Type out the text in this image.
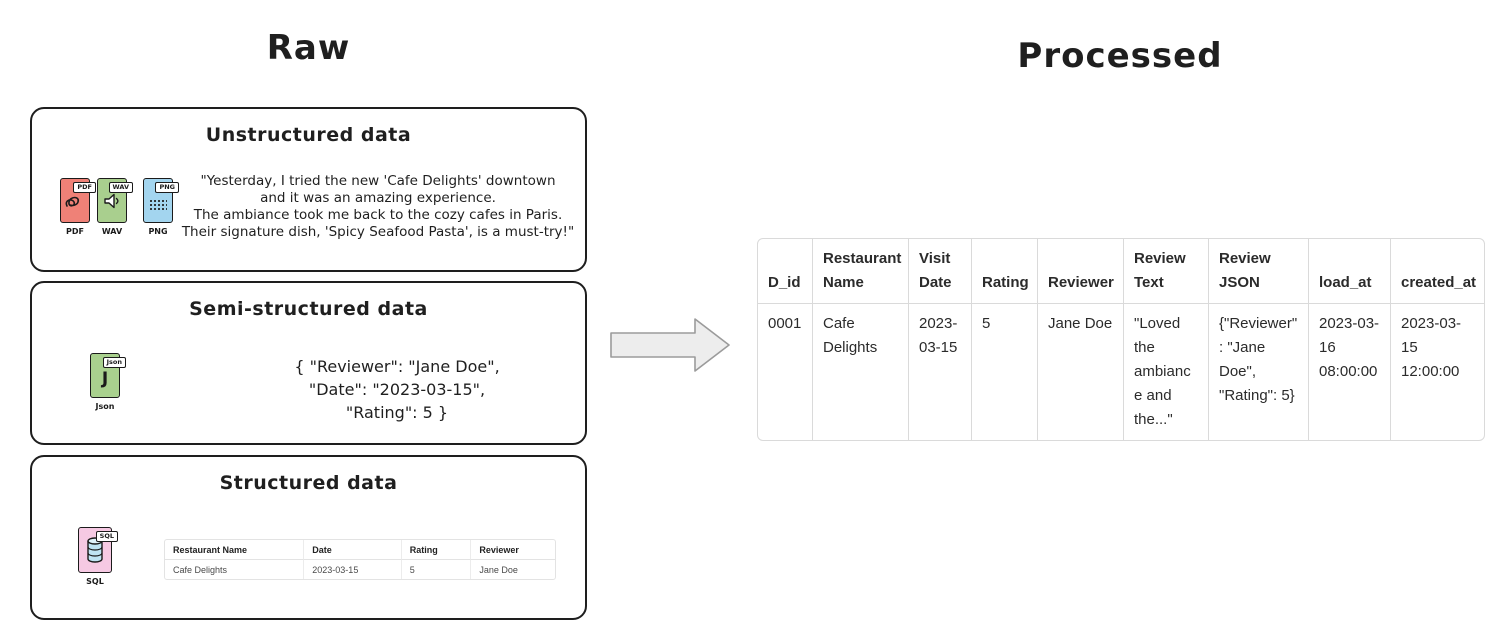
Raw	Processed
Unstructured data
PDF
PDF
WAV
WAV
PNG
PNG
"Yesterday, I tried the new 'Cafe Delights' downtown
and it was an amazing experience.
The ambiance took me back to the cozy cafes in Paris.
Their signature dish, 'Spicy Seafood Pasta', is a must-try!"
Semi-structured data
Json
J
Json
{ "Reviewer": "Jane Doe",
"Date": "2023-03-15",
"Rating": 5 }
Structured data
SQL
SQL
Restaurant Name	Date	Rating	Reviewer
Cafe Delights	2023-03-15	5	Jane Doe
D_id	Restaurant Name	Visit Date	Rating	Reviewer	Review Text	Review JSON	load_at	created_at
0001	Cafe Delights	2023-03-15	5	Jane Doe	"Loved the ambiance and the..."	{"Reviewer": "Jane Doe", "Rating": 5}	2023-03-16 08:00:00	2023-03-15 12:00:00
